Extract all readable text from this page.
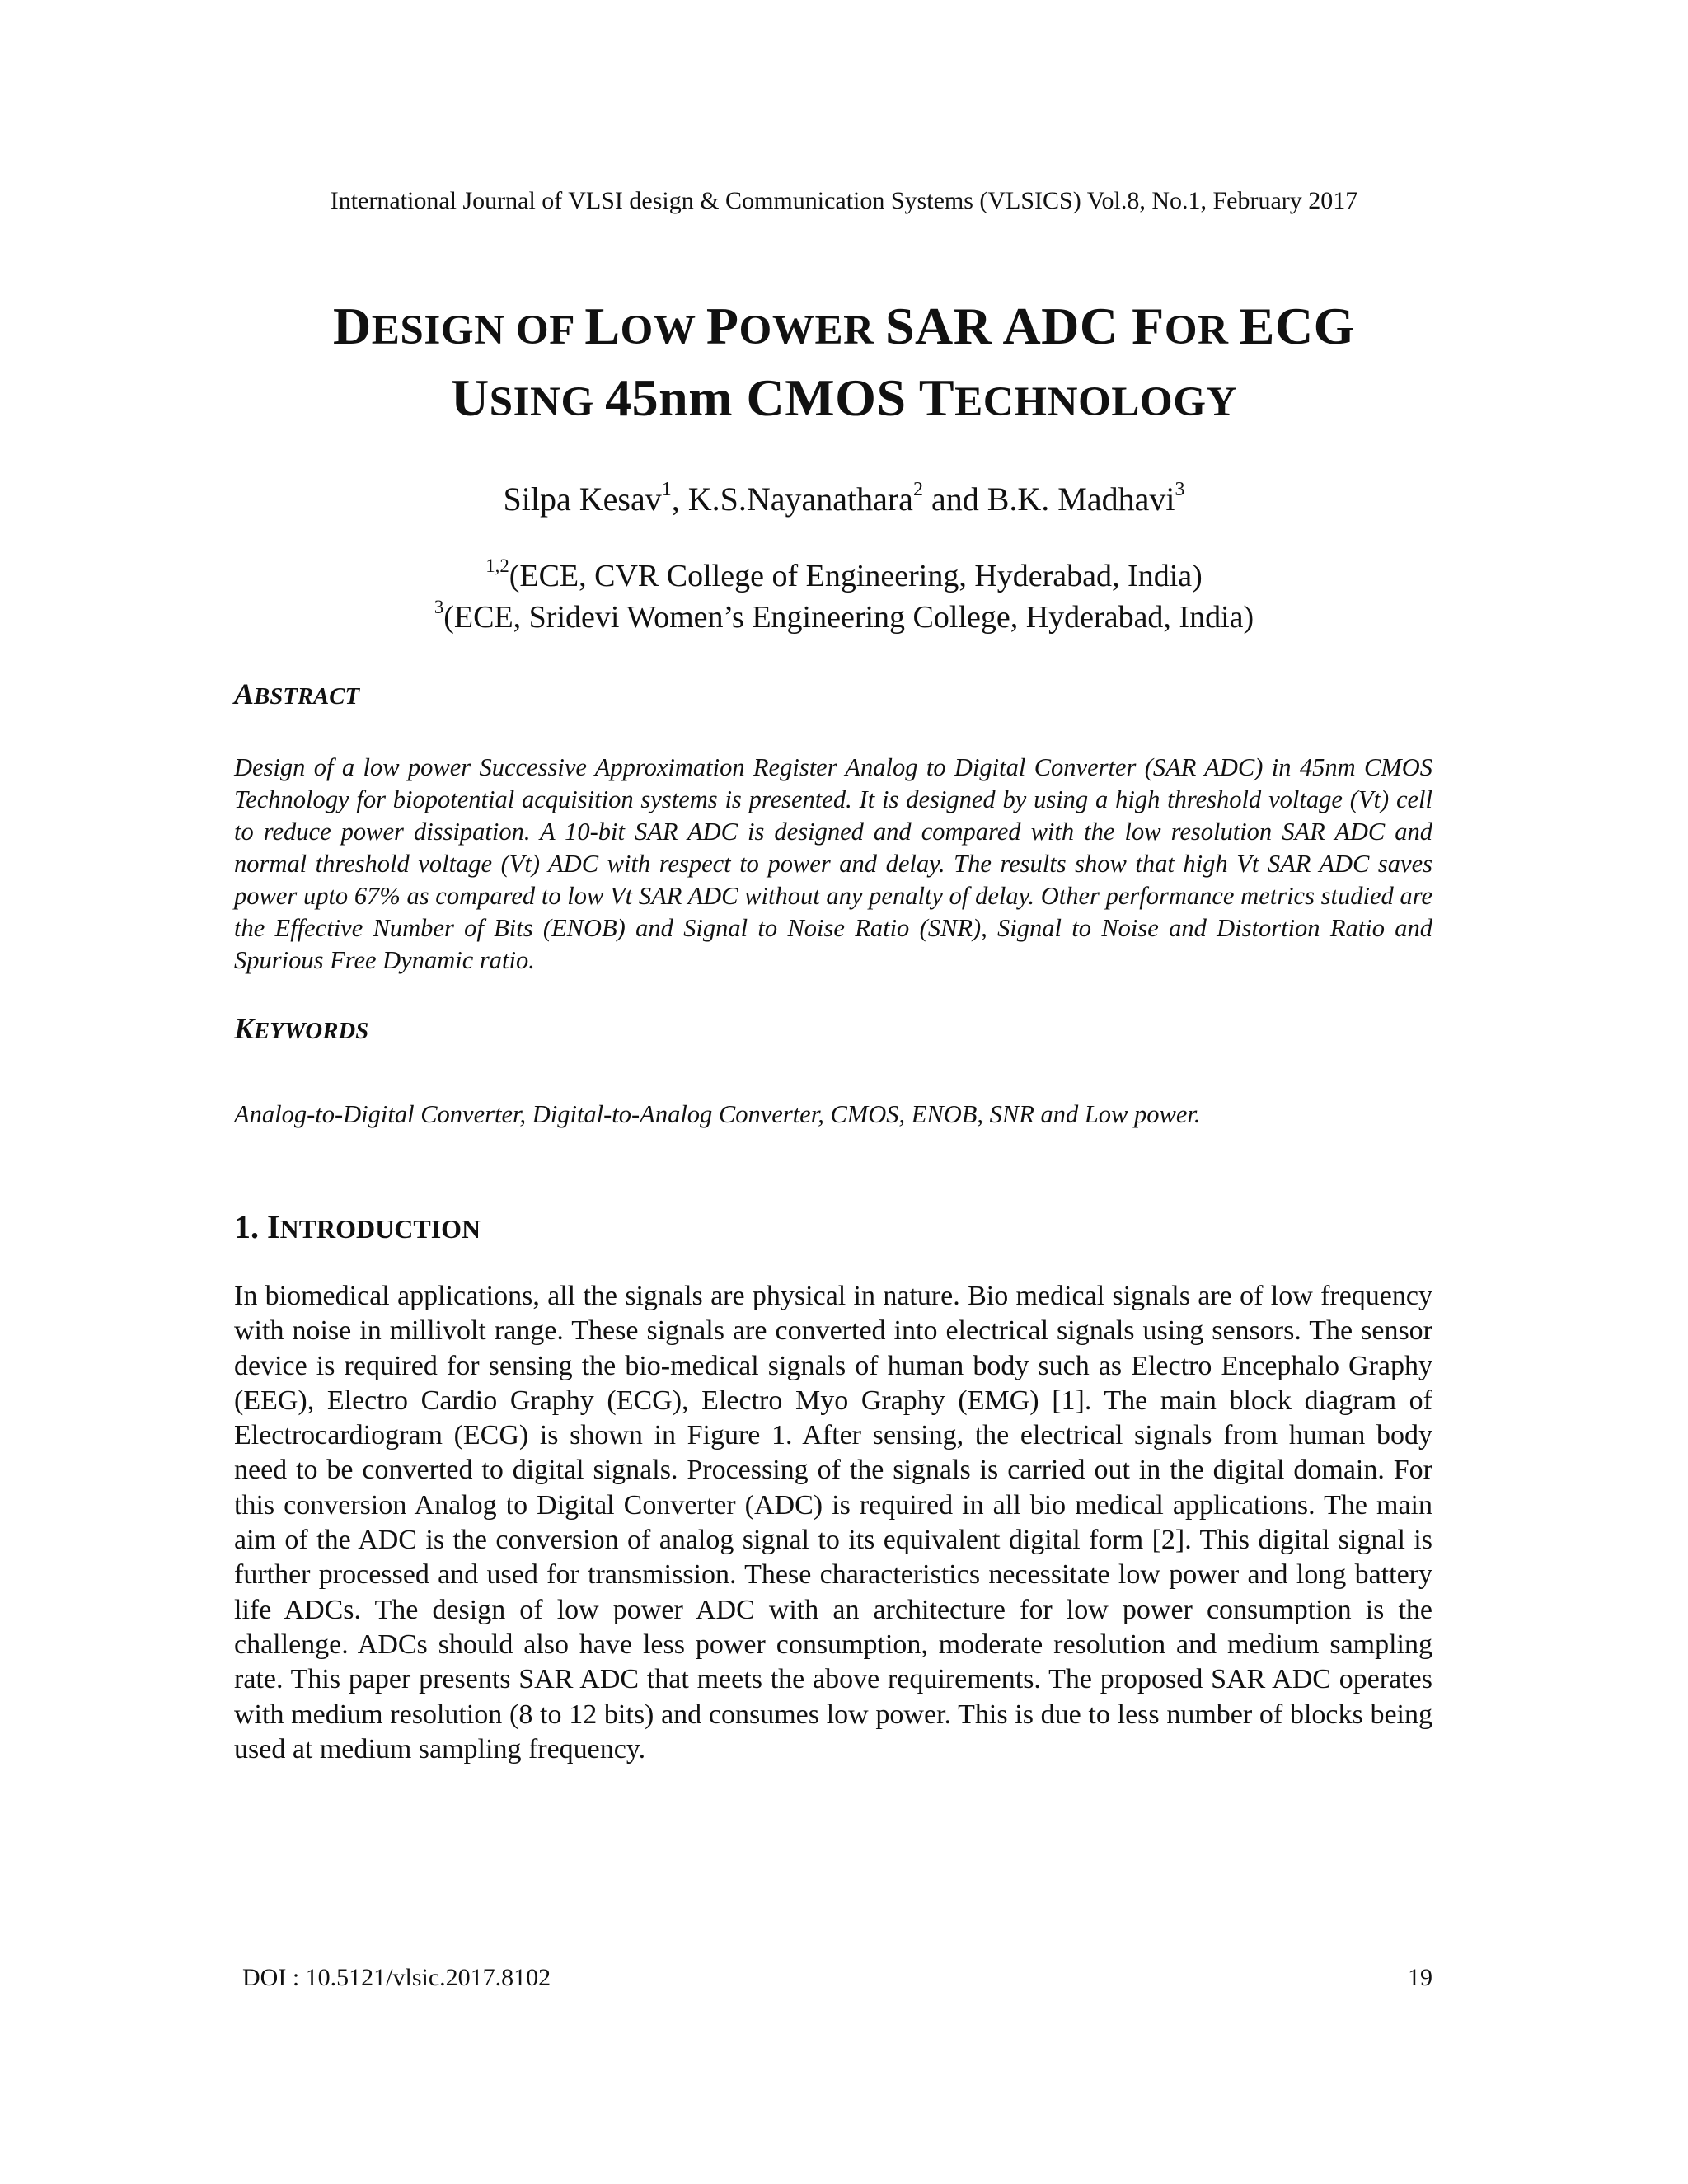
International Journal of VLSI design & Communication Systems (VLSICS) Vol.8, No.1, February 2017
DESIGN OF LOW POWER SAR ADC FOR ECG
USING 45nm CMOS TECHNOLOGY
Silpa Kesav$^1$, K.S.Nayanathara$^2$ and B.K. Madhavi$^3$
$^{1,2}$(ECE, CVR College of Engineering, Hyderabad, India)
$^3$(ECE, Sridevi Women’s Engineering College, Hyderabad, India)
ABSTRACT
Design of a low power Successive Approximation Register Analog to Digital Converter (SAR ADC) in 45nm CMOS Technology for biopotential acquisition systems is presented. It is designed by using a high threshold voltage (Vt) cell to reduce power dissipation. A 10-bit SAR ADC is designed and compared with the low resolution SAR ADC and normal threshold voltage (Vt) ADC with respect to power and delay. The results show that high Vt SAR ADC saves power upto 67% as compared to low Vt SAR ADC without any penalty of delay. Other performance metrics studied are the Effective Number of Bits (ENOB) and Signal to Noise Ratio (SNR), Signal to Noise and Distortion Ratio and Spurious Free Dynamic ratio.
KEYWORDS
Analog-to-Digital Converter, Digital-to-Analog Converter, CMOS, ENOB, SNR and Low power.
1. INTRODUCTION
In biomedical applications, all the signals are physical in nature. Bio medical signals are of low frequency with noise in millivolt range. These signals are converted into electrical signals using sensors. The sensor device is required for sensing the bio-medical signals of human body such as Electro Encephalo Graphy (EEG), Electro Cardio Graphy (ECG), Electro Myo Graphy (EMG) [1]. The main block diagram of Electrocardiogram (ECG) is shown in Figure 1. After sensing, the electrical signals from human body need to be converted to digital signals. Processing of the signals is carried out in the digital domain. For this conversion Analog to Digital Converter (ADC) is required in all bio medical applications. The main aim of the ADC is the conversion of analog signal to its equivalent digital form [2]. This digital signal is further processed and used for transmission. These characteristics necessitate low power and long battery life ADCs. The design of low power ADC with an architecture for low power consumption is the challenge. ADCs should also have less power consumption, moderate resolution and medium sampling rate. This paper presents SAR ADC that meets the above requirements. The proposed SAR ADC operates with medium resolution (8 to 12 bits) and consumes low power. This is due to less number of blocks being used at medium sampling frequency.
DOI : 10.5121/vlsic.2017.8102	19
